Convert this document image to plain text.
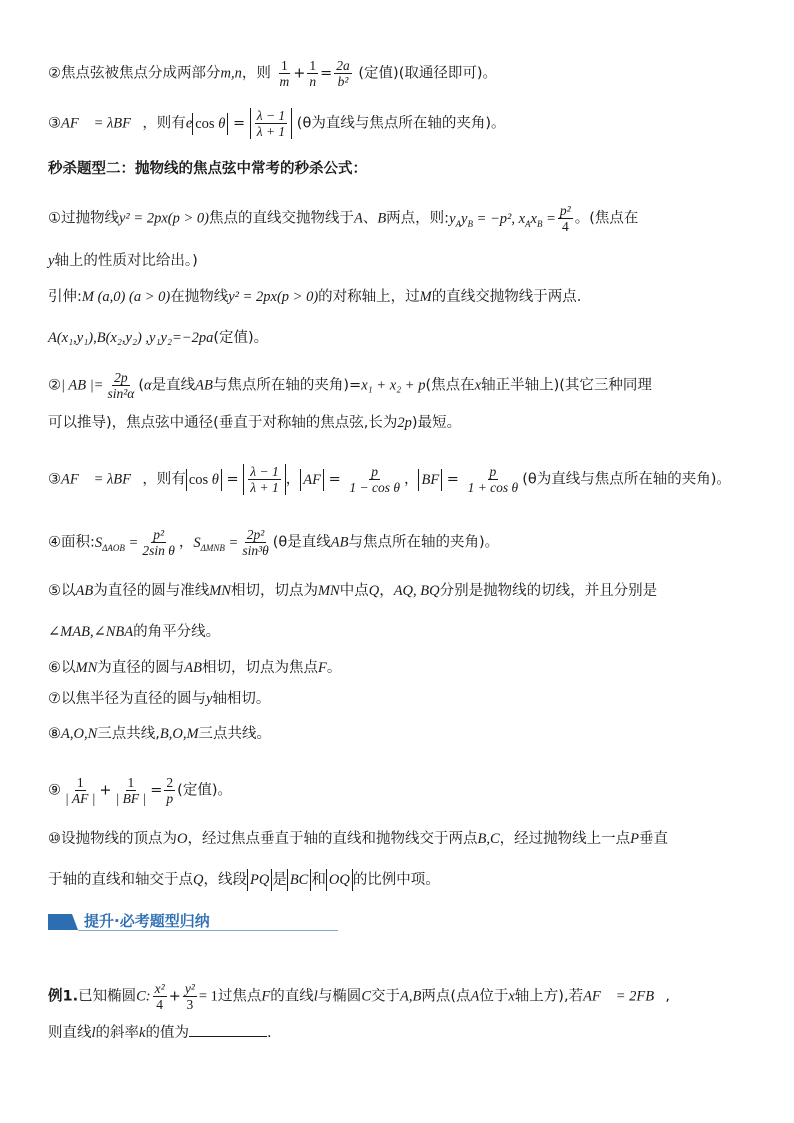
②焦点弦被焦点分成两部分m,n，则 $\frac{1}{m} + \frac{1}{n} = \frac{2a}{\text{b²}}$ (定值)(取通径即可)。
③AF⃗ = λBF⃗，则有e $\cos \theta = \frac{\lambda - 1}{\lambda + 1} (\theta$为直线与焦点所在轴的夹角)。
秒杀题型二：抛物线的焦点弦中常考的秒杀公式：
①过抛物线y² = 2px(p > 0)焦点的直线交抛物线于A、B两点，则$:y_Ay_B = -p^2$, $x_Ax_B = \frac{\text{p²}}{4}$ 。(焦点在
y轴上的性质对比给出。)
引伸:M (a,0) (a > 0)在抛物线y² = 2px(p > 0)的对称轴上，过M的直线交抛物线于两点.
A(x₁,y₁),B(x₂,y₂) ,y₁y₂=−2pa(定值)。
②| AB |= $\frac{2p}{\text{sin²α}} (\alpha$是直线AB与焦点所在轴的夹角)=x₁ + x₂ + p(焦点在x轴正半轴上)(其它三种同理
可以推导)，焦点弦中通径(垂直于对称轴的焦点弦,长为2p)最短。
③AF⃗ = λBF⃗，则有 $\cos \theta = \frac{\lambda - 1}{\lambda + 1}$ ， AF = $\frac{p}{\text{1 − cos θ}}$ ， BF = $\frac{p}{\text{1 + cos θ}} (\theta$为直线与焦点所在轴的夹角)。
④面积$:S_{\Delta AOB} = \frac{\text{p²}}{\text{2sin θ}}$ ，$S_{\Delta MNB} = \frac{\text{2p²}}{\text{sin³θ}} (\theta$是直线AB与焦点所在轴的夹角)。
⑤以AB为直径的圆与准线MN相切，切点为MN中点Q，AQ, BQ分别是抛物线的切线，并且分别是
∠MAB,∠NBA的角平分线。
⑥以MN为直径的圆与AB相切，切点为焦点F。
⑦以焦半径为直径的圆与y轴相切。
⑧A,O,N三点共线,B,O,M三点共线。
⑨ $\frac{1}{| AF |} + \frac{1}{| BF |} = \frac{2}{p}$ (定值)。
⑩设抛物线的顶点为O，经过焦点垂直于轴的直线和抛物线交于两点B,C，经过抛物线上一点P垂直
于轴的直线和轴交于点Q，线段 PQ 是 BC 和 OQ 的比例中项。
提升·必考题型归纳
例1.已知椭圆C: $\frac{\text{x²}}{4} + \frac{\text{y²}}{3} = 1$过焦点F的直线l与椭圆C交于A,B两点(点A位于x轴上方),若AF⃗ = 2FB⃗,
则直线l的斜率k的值为	.
